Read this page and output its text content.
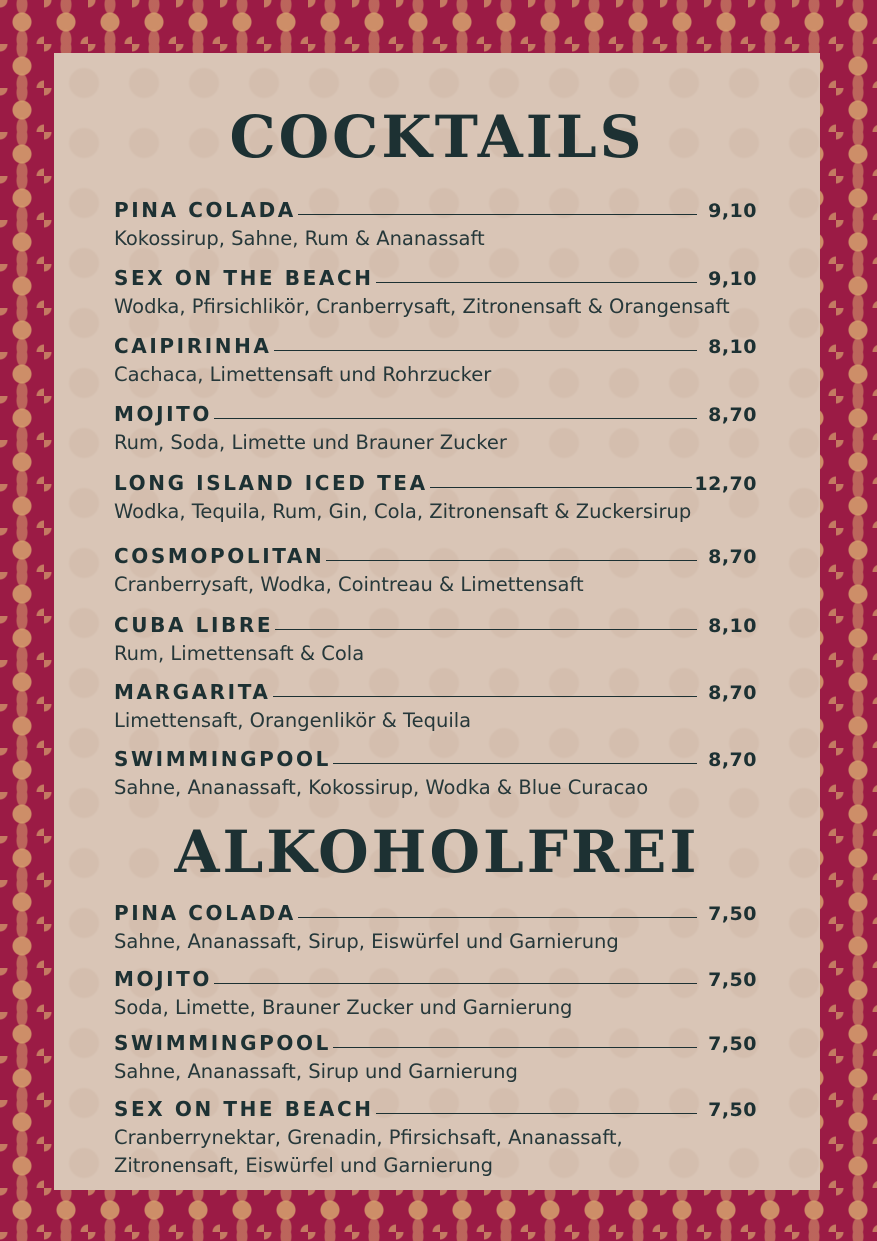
COCKTAILS
PINA COLADA	9,10
Kokossirup, Sahne, Rum & Ananassaft
SEX ON THE BEACH	9,10
Wodka, Pfirsichlikör, Cranberrysaft, Zitronensaft & Orangensaft
CAIPIRINHA	8,10
Cachaca, Limettensaft und Rohrzucker
MOJITO	8,70
Rum, Soda, Limette und Brauner Zucker
LONG ISLAND ICED TEA	12,70
Wodka, Tequila, Rum, Gin, Cola, Zitronensaft & Zuckersirup
COSMOPOLITAN	8,70
Cranberrysaft, Wodka, Cointreau & Limettensaft
CUBA LIBRE	8,10
Rum, Limettensaft & Cola
MARGARITA	8,70
Limettensaft, Orangenlikör & Tequila
SWIMMINGPOOL	8,70
Sahne, Ananassaft, Kokossirup, Wodka & Blue Curacao
ALKOHOLFREI
PINA COLADA	7,50
Sahne, Ananassaft, Sirup, Eiswürfel und Garnierung
MOJITO	7,50
Soda, Limette, Brauner Zucker und Garnierung
SWIMMINGPOOL	7,50
Sahne, Ananassaft, Sirup und Garnierung
SEX ON THE BEACH	7,50
Cranberrynektar, Grenadin, Pfirsichsaft, Ananassaft,
Zitronensaft, Eiswürfel und Garnierung
